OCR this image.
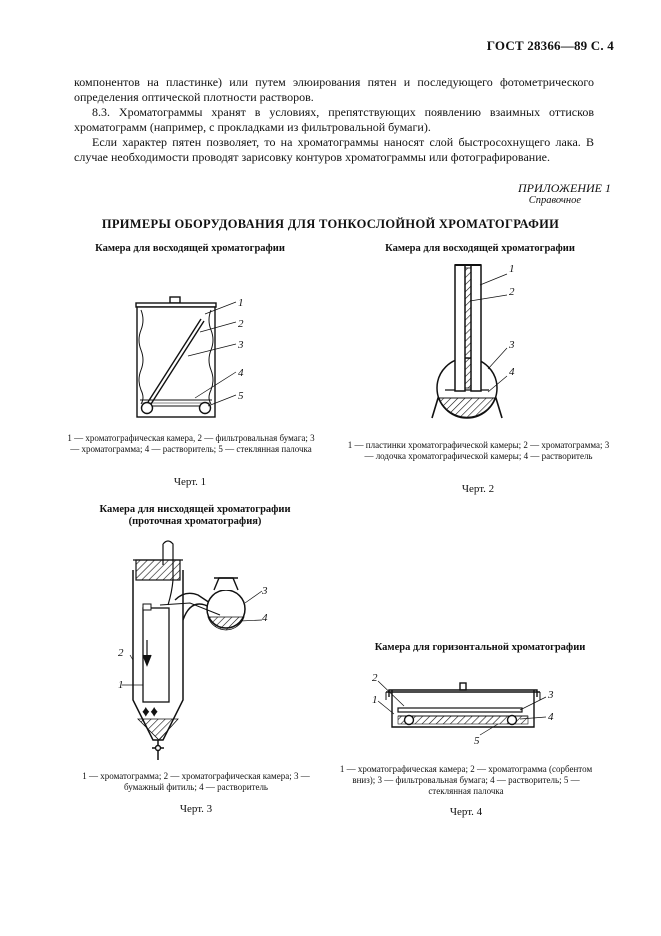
ГОСТ 28366—89 С. 4
компонентов на пластинке) или путем элюирования пятен и последующего фотометрического определения оптической плотности растворов.
8.3. Хроматограммы хранят в условиях, препятствующих появлению взаимных оттисков хроматограмм (например, с прокладками из фильтровальной бумаги).
Если характер пятен позволяет, то на хроматограммы наносят слой быстросохнущего лака. В случае необходимости проводят зарисовку контуров хроматограммы или фотографирование.
ПРИЛОЖЕНИЕ 1
Справочное
ПРИМЕРЫ ОБОРУДОВАНИЯ ДЛЯ ТОНКОСЛОЙНОЙ ХРОМАТОГРАФИИ
Камера для восходящей хроматографии	Камера для восходящей хроматографии
Камера для нисходящей хроматографии
(проточная хроматография)
Камера для горизонтальной хроматографии
1
2
3
4
5
1
2
3
4
♦ ♦
3
4
2
1
2
1	3
4
5
1 — хроматографическая камера, 2 — фильтровальная бумага; 3 — хроматограмма; 4 — растворитель; 5 — стеклянная палочка
Черт. 1
1 — пластинки хроматографической камеры; 2 — хроматограмма; 3 — лодочка хроматографической камеры; 4 — растворитель
Черт. 2
1 — хроматограмма; 2 — хроматографическая камера; 3 — бумажный фитиль; 4 — растворитель
Черт. 3
1 — хроматографическая камера; 2 — хроматограмма (сорбентом вниз); 3 — фильтровальная бумага; 4 — растворитель; 5 — стеклянная палочка
Черт. 4
